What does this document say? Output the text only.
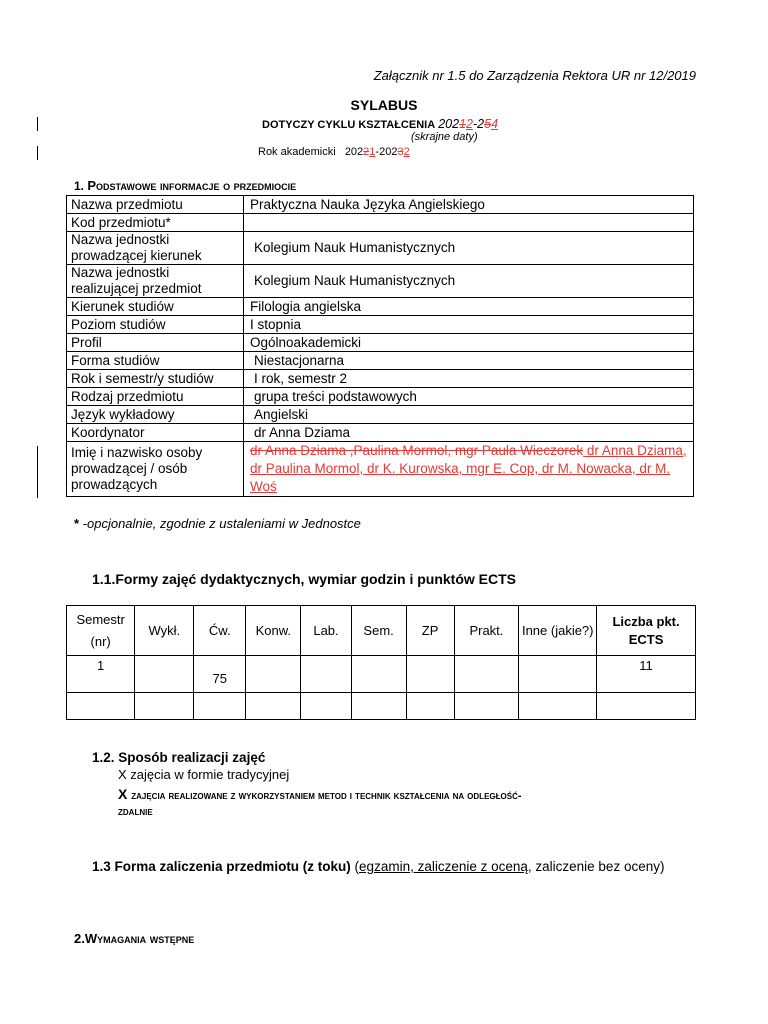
Załącznik nr 1.5 do Zarządzenia Rektora UR nr 12/2019
SYLABUS
DOTYCZY CYKLU KSZTAŁCENIA 20212-254
(skrajne daty)
Rok akademicki 20221-20232
1. Podstawowe informacje o przedmiocie
Nazwa przedmiotu	Praktyczna Nauka Języka Angielskiego
Kod przedmiotu*	
Nazwa jednostki prowadzącej kierunek	Kolegium Nauk Humanistycznych
Nazwa jednostki realizującej przedmiot	Kolegium Nauk Humanistycznych
Kierunek studiów	Filologia angielska
Poziom studiów	I stopnia
Profil	Ogólnoakademicki
Forma studiów	Niestacjonarna
Rok i semestr/y studiów	I rok, semestr 2
Rodzaj przedmiotu	grupa treści podstawowych
Język wykładowy	Angielski
Koordynator	dr Anna Dziama
Imię i nazwisko osoby prowadzącej / osób prowadzących	dr Anna Dziama ,Paulina Mormol, mgr Paula Wieczorek dr Anna Dziama, dr Paulina Mormol, dr K. Kurowska, mgr E. Cop, dr M. Nowacka, dr M. Woś
* -opcjonalnie, zgodnie z ustaleniami w Jednostce
1.1.Formy zajęć dydaktycznych, wymiar godzin i punktów ECTS
Semestr (nr)	Wykł.	Ćw.	Konw.	Lab.	Sem.	ZP	Prakt.	Inne (jakie?)	Liczba pkt. ECTS
1		75							11

1.2. Sposób realizacji zajęć
X zajęcia w formie tradycyjnej
X zajęcia realizowane z wykorzystaniem metod i technik kształcenia na odległość-
zdalnie
1.3 Forma zaliczenia przedmiotu (z toku) (egzamin, zaliczenie z oceną, zaliczenie bez oceny)
2.Wymagania wstępne
